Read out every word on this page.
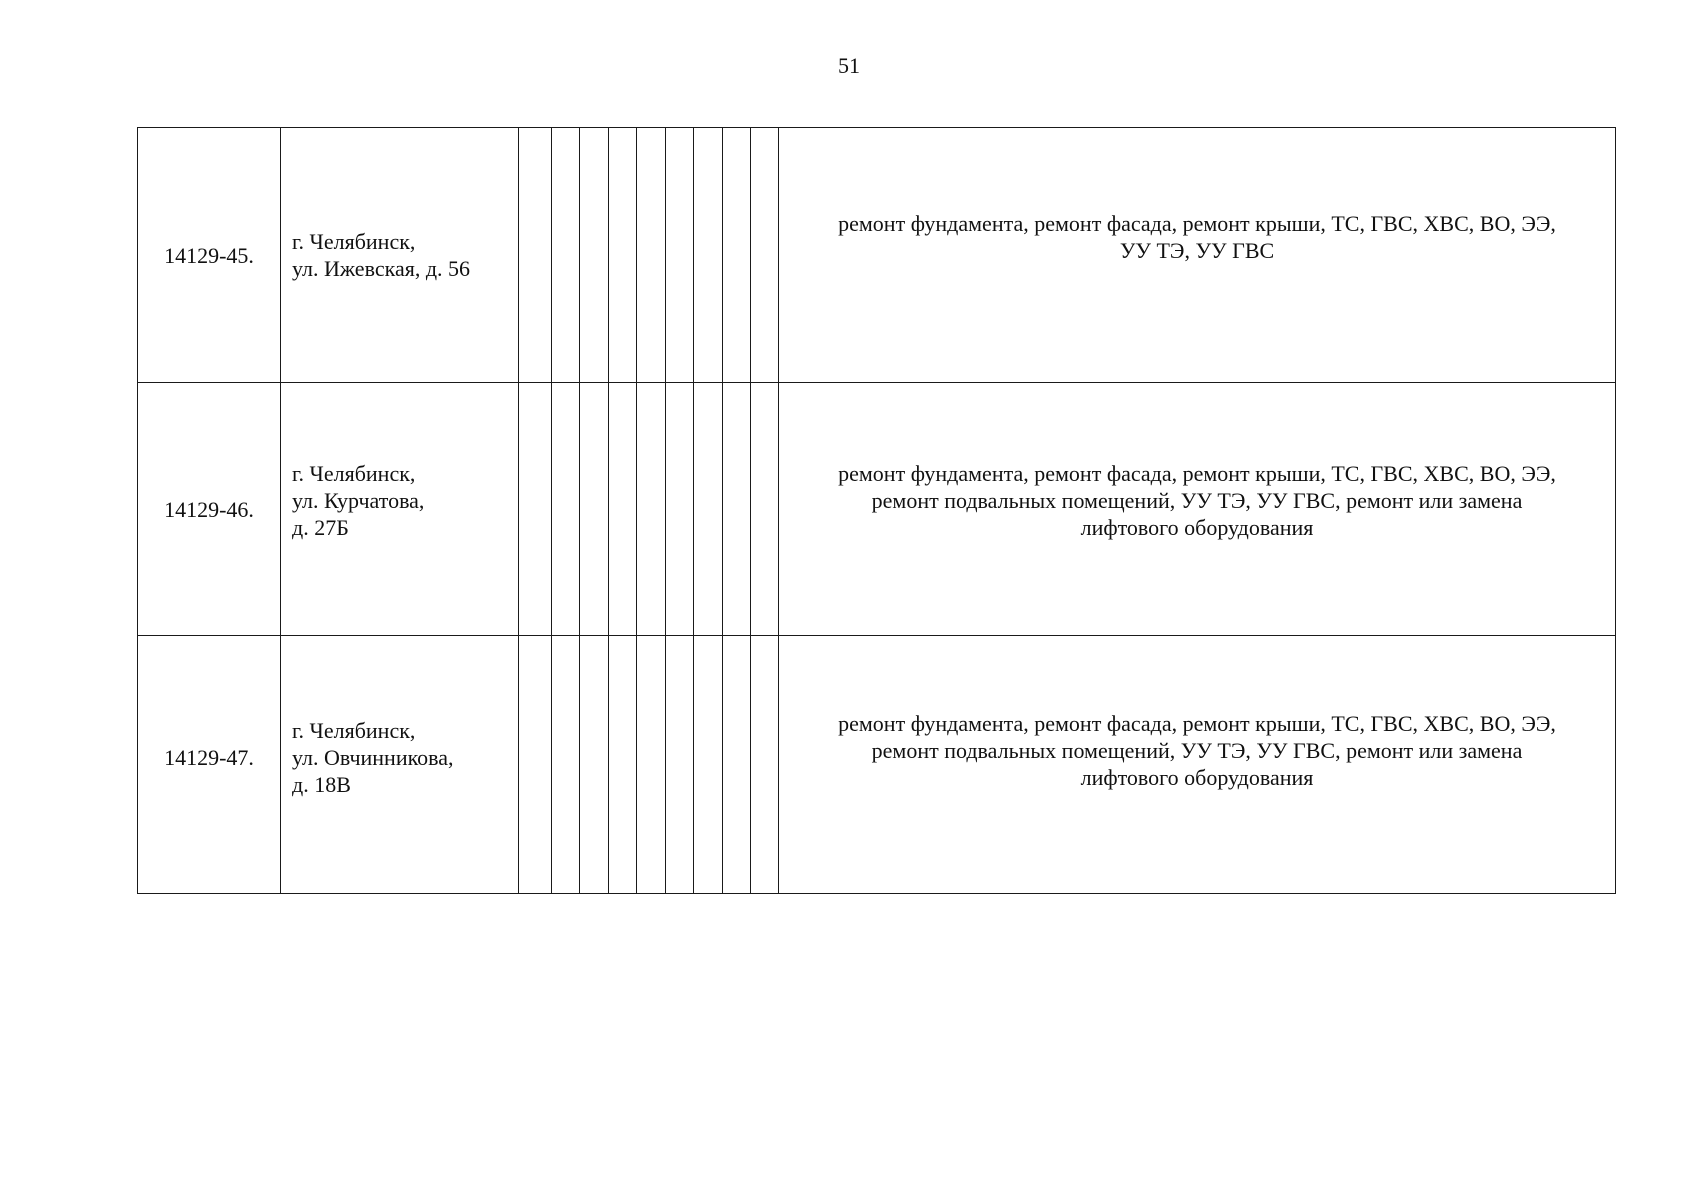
51
14129-45.	г. Челябинск,
ул. Ижевская, д. 56										ремонт фундамента, ремонт фасада, ремонт крыши, ТС, ГВС, ХВС, ВО, ЭЭ,
УУ ТЭ, УУ ГВС

14129-46.	г. Челябинск,
ул. Курчатова,
д. 27Б										ремонт фундамента, ремонт фасада, ремонт крыши, ТС, ГВС, ХВС, ВО, ЭЭ,
ремонт подвальных помещений, УУ ТЭ, УУ ГВС, ремонт или замена
лифтового оборудования

14129-47.	г. Челябинск,
ул. Овчинникова,
д. 18В										ремонт фундамента, ремонт фасада, ремонт крыши, ТС, ГВС, ХВС, ВО, ЭЭ,
ремонт подвальных помещений, УУ ТЭ, УУ ГВС, ремонт или замена
лифтового оборудования
